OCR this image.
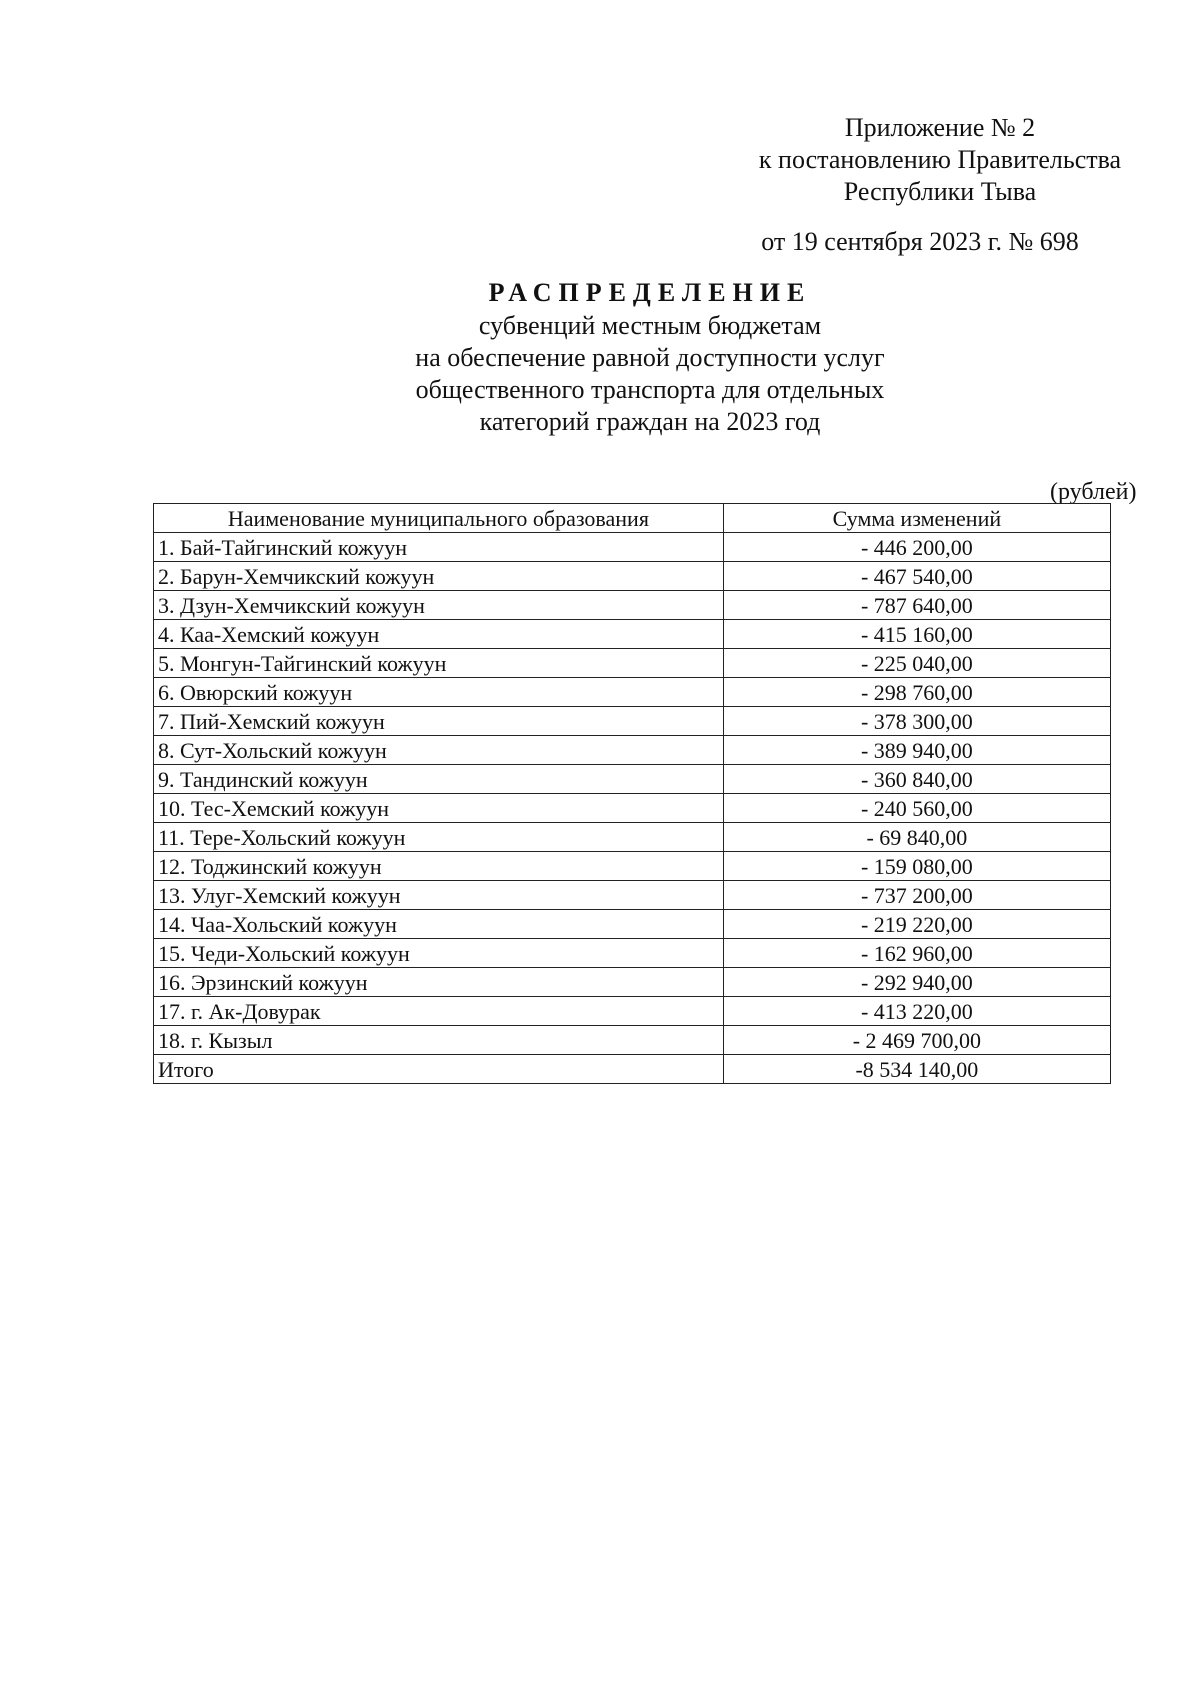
Приложение № 2
к постановлению Правительства
Республики Тыва
от 19 сентября 2023 г. № 698
РАСПРЕДЕЛЕНИЕ
субвенций местным бюджетам
на обеспечение равной доступности услуг
общественного транспорта для отдельных
категорий граждан на 2023 год
(рублей)
Наименование муниципального образования	Сумма изменений
1. Бай-Тайгинский кожуун	- 446 200,00
2. Барун-Хемчикский кожуун	- 467 540,00
3. Дзун-Хемчикский кожуун	- 787 640,00
4. Каа-Хемский кожуун	- 415 160,00
5. Монгун-Тайгинский кожуун	- 225 040,00
6. Овюрский кожуун	- 298 760,00
7. Пий-Хемский кожуун	- 378 300,00
8. Сут-Хольский кожуун	- 389 940,00
9. Тандинский кожуун	- 360 840,00
10. Тес-Хемский кожуун	- 240 560,00
11. Тере-Хольский кожуун	- 69 840,00
12. Тоджинский кожуун	- 159 080,00
13. Улуг-Хемский кожуун	- 737 200,00
14. Чаа-Хольский кожуун	- 219 220,00
15. Чеди-Хольский кожуун	- 162 960,00
16. Эрзинский кожуун	- 292 940,00
17. г. Ак-Довурак	- 413 220,00
18. г. Кызыл	- 2 469 700,00
Итого	-8 534 140,00
